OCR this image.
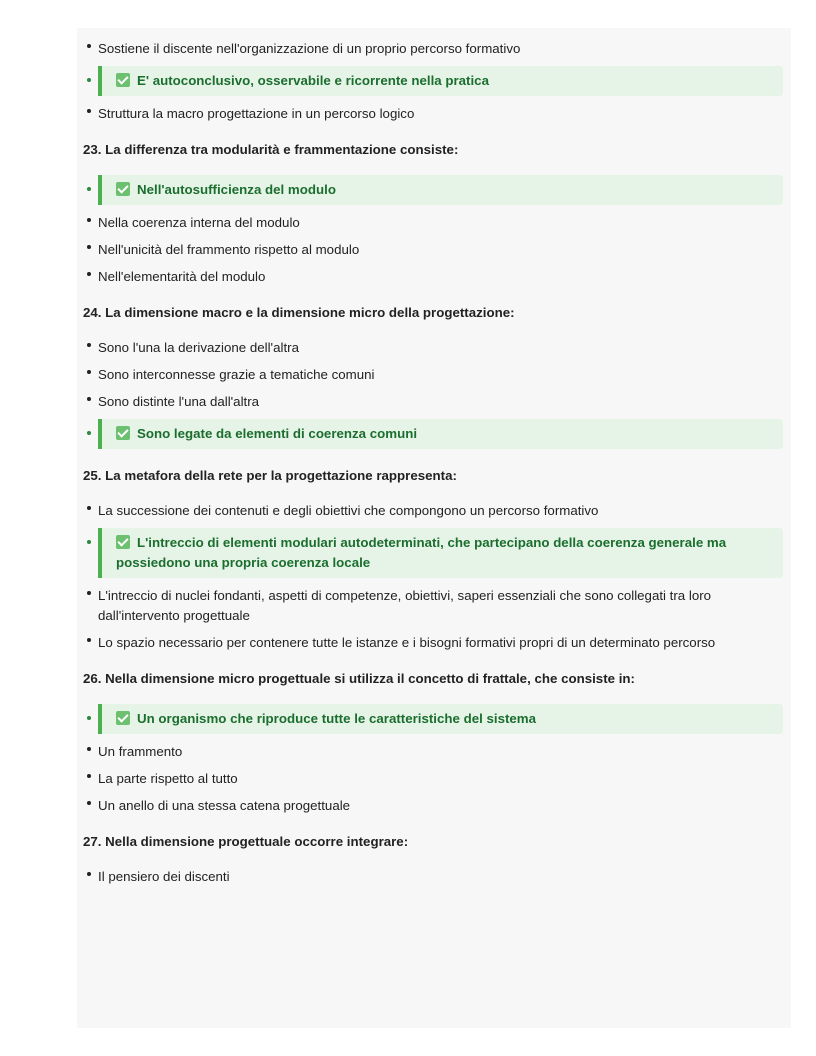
Sostiene il discente nell'organizzazione di un proprio percorso formativo
E' autoconclusivo, osservabile e ricorrente nella pratica
Struttura la macro progettazione in un percorso logico
23. La differenza tra modularità e frammentazione consiste:
Nell'autosufficienza del modulo
Nella coerenza interna del modulo
Nell'unicità del frammento rispetto al modulo
Nell'elementarità del modulo
24. La dimensione macro e la dimensione micro della progettazione:
Sono l'una la derivazione dell'altra
Sono interconnesse grazie a tematiche comuni
Sono distinte l'una dall'altra
Sono legate da elementi di coerenza comuni
25. La metafora della rete per la progettazione rappresenta:
La successione dei contenuti e degli obiettivi che compongono un percorso formativo
L'intreccio di elementi modulari autodeterminati, che partecipano della coerenza generale ma possiedono una propria coerenza locale
L'intreccio di nuclei fondanti, aspetti di competenze, obiettivi, saperi essenziali che sono collegati tra loro dall'intervento progettuale
Lo spazio necessario per contenere tutte le istanze e i bisogni formativi propri di un determinato percorso
26. Nella dimensione micro progettuale si utilizza il concetto di frattale, che consiste in:
Un organismo che riproduce tutte le caratteristiche del sistema
Un frammento
La parte rispetto al tutto
Un anello di una stessa catena progettuale
27. Nella dimensione progettuale occorre integrare:
Il pensiero dei discenti
